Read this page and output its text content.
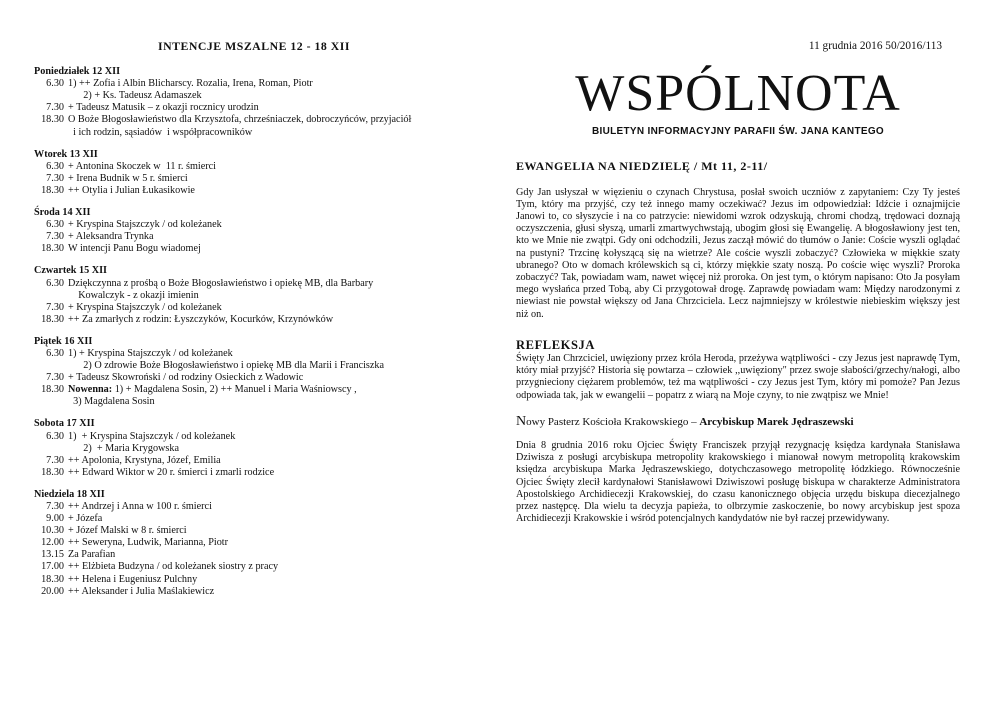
INTENCJE MSZALNE 12 - 18 XII
Poniedziałek 12 XII
6.30 1) ++ Zofia i Albin Blicharscy. Rozalia, Irena, Roman, Piotr
2) + Ks. Tadeusz Adamaszek
7.30 + Tadeusz Matusik – z okazji rocznicy urodzin
18.30 O Boże Błogosławieństwo dla Krzysztofa, chrześniaczek, dobroczyńców, przyjaciół
i ich rodzin, sąsiadów  i współpracowników
Wtorek 13 XII
6.30 + Antonina Skoczek w  11 r. śmierci
7.30 + Irena Budnik w 5 r. śmierci
18.30 ++ Otylia i Julian Łukasikowie
Środa 14 XII
6.30 + Kryspina Stajszczyk / od koleżanek
7.30 + Aleksandra Trynka
18.30 W intencji Panu Bogu wiadomej
Czwartek 15 XII
6.30 Dziękczynna z prośbą o Boże Błogosławieństwo i opiekę MB, dla Barbary
Kowalczyk - z okazji imienin
7.30 + Kryspina Stajszczyk / od koleżanek
18.30 ++ Za zmarłych z rodzin: Łyszczyków, Kocurków, Krzynówków
Piątek 16 XII
6.30 1) + Kryspina Stajszczyk / od koleżanek
2) O zdrowie Boże Błogosławieństwo i opiekę MB dla Marii i Franciszka
7.30 + Tadeusz Skowroński / od rodziny Osieckich z Wadowic
18.30 Nowenna: 1) + Magdalena Sosin, 2) ++ Manuel i Maria Waśniowscy ,
3) Magdalena Sosin
Sobota 17 XII
6.30 1)  + Kryspina Stajszczyk / od koleżanek
2)  + Maria Krygowska
7.30 ++ Apolonia, Krystyna, Józef, Emilia
18.30 ++ Edward Wiktor w 20 r. śmierci i zmarli rodzice
Niedziela 18 XII
7.30 ++ Andrzej i Anna w 100 r. śmierci
9.00 + Józefa
10.30 + Józef Malski w 8 r. śmierci
12.00 ++ Seweryna, Ludwik, Marianna, Piotr
13.15 Za Parafian
17.00 ++ Elżbieta Budzyna / od koleżanek siostry z pracy
18.30 ++ Helena i Eugeniusz Pulchny
20.00 ++ Aleksander i Julia Maślakiewicz
11 grudnia 2016 50/2016/113
WSPÓLNOTA
BIULETYN INFORMACYJNY PARAFII ŚW. JANA KANTEGO
EWANGELIA NA NIEDZIELĘ / Mt 11, 2-11/
Gdy Jan usłyszał w więzieniu o czynach Chrystusa, posłał swoich uczniów z zapytaniem: Czy Ty jesteś Tym, który ma przyjść, czy też innego mamy oczekiwać? Jezus im odpowiedział: Idźcie i oznajmijcie Janowi to, co słyszycie i na co patrzycie: niewidomi wzrok odzyskują, chromi chodzą, trędowaci doznają oczyszczenia, głusi słyszą, umarli zmartwychwstają, ubogim głosi się Ewangelię. A błogosławiony jest ten, kto we Mnie nie zwątpi. Gdy oni odchodzili, Jezus zaczął mówić do tłumów o Janie: Coście wyszli oglądać na pustyni? Trzcinę kołyszącą się na wietrze? Ale coście wyszli zobaczyć? Człowieka w miękkie szaty ubranego? Oto w domach królewskich są ci, którzy miękkie szaty noszą. Po coście więc wyszli? Proroka zobaczyć? Tak, powiadam wam, nawet więcej niż proroka. On jest tym, o którym napisano: Oto Ja posyłam mego wysłańca przed Tobą, aby Ci przygotował drogę. Zaprawdę powiadam wam: Między narodzonymi z niewiast nie powstał większy od Jana Chrzciciela. Lecz najmniejszy w królestwie niebieskim większy jest niż on.
REFLEKSJA
Święty Jan Chrzciciel, uwięziony przez króla Heroda, przeżywa wątpliwości - czy Jezus jest naprawdę Tym, który miał przyjść? Historia się powtarza – człowiek ,,uwięziony" przez swoje słabości/grzechy/nałogi, albo przygnieciony ciężarem problemów, też ma wątpliwości - czy Jezus jest Tym, który mi pomoże? Pan Jezus odpowiada tak, jak w ewangelii – popatrz z wiarą na Moje czyny, to nie zwątpisz we Mnie!
Nowy Pasterz Kościoła Krakowskiego – Arcybiskup Marek Jędraszewski
Dnia 8 grudnia 2016 roku Ojciec Święty Franciszek przyjął rezygnację księdza kardynała Stanisława Dziwisza z posługi arcybiskupa metropolity krakowskiego i mianował nowym metropolitą krakowskim księdza arcybiskupa Marka Jędraszewskiego, dotychczasowego metropolitę łódzkiego. Równocześnie Ojciec Święty zlecił kardynałowi Stanisławowi Dziwiszowi posługę biskupa w charakterze Administratora Apostolskiego Archidiecezji Krakowskiej, do czasu kanonicznego objęcia urzędu biskupa diecezjalnego przez następcę. Dla wielu ta decyzja papieża, to olbrzymie zaskoczenie, bo nowy arcybiskup jest spoza Archidiecezji Krakowskie i wśród potencjalnych kandydatów nie był raczej przewidywany.
